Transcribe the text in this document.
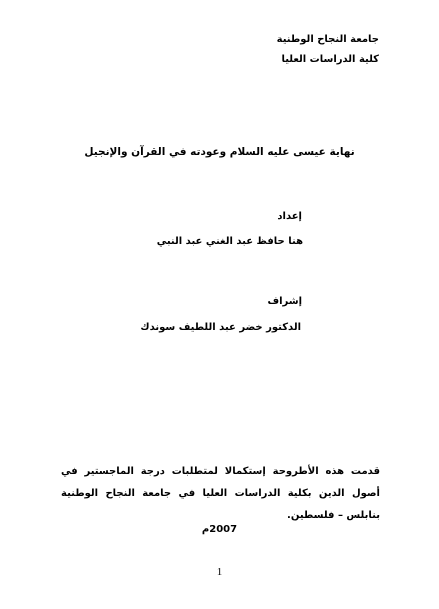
جامعة النجاح الوطنية
كلية الدراسات العليا
نهاية عيسى عليه السلام وعودته في القرآن والإنجيل
إعداد
هنا حافظ عبد الغني عبد النبي
إشراف
الدكتور خضر عبد اللطيف سوندك
قدمت هذه الأطروحة إستكمالا لمتطلبات درجة الماجستير في أصول الدين بكلية الدراسات العليا في جامعة النجاح الوطنية بنابلس – فلسطين.
2007م
1
